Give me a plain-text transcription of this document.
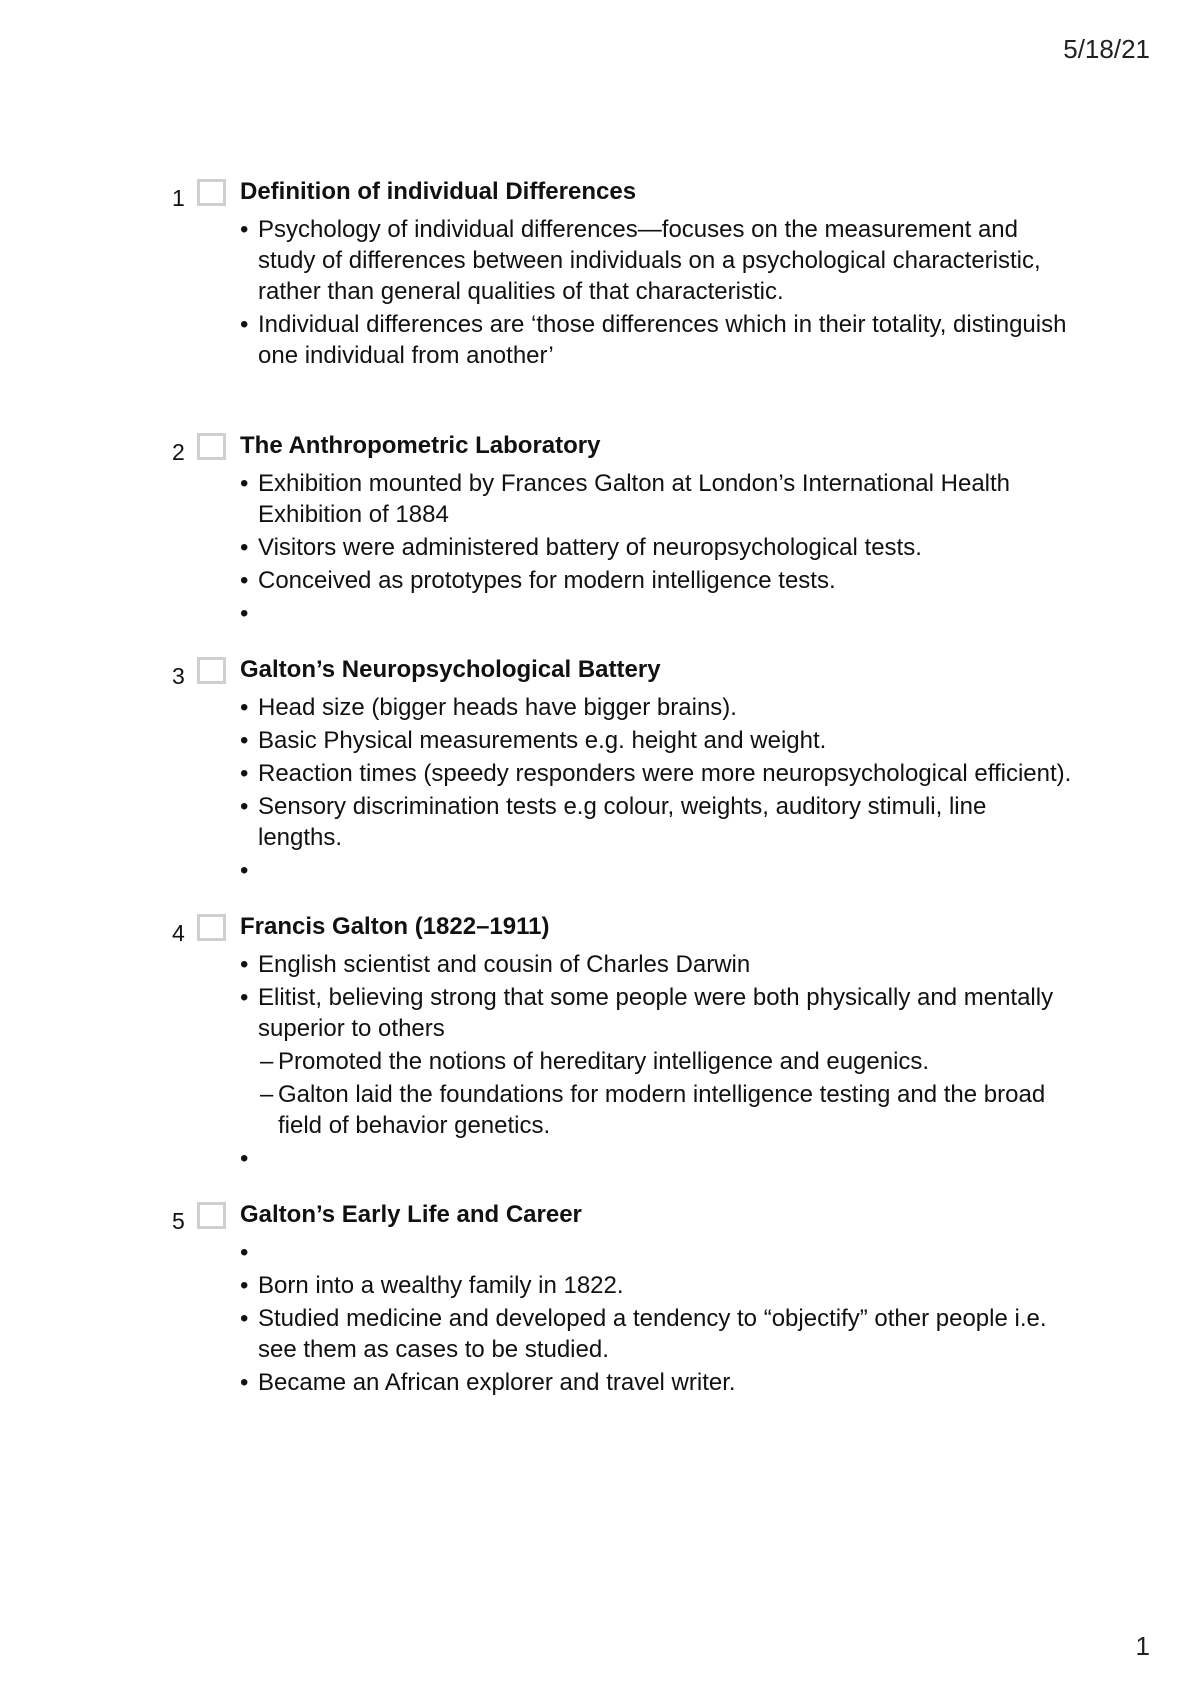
5/18/21
1 Definition of individual Differences
• Psychology of individual differences—focuses on the measurement and study of differences between individuals on a psychological characteristic, rather than general qualities of that characteristic.
• Individual differences are ‘those differences which in their totality, distinguish one individual from another’
2 The Anthropometric Laboratory
• Exhibition mounted by Frances Galton at London’s International Health Exhibition of 1884
• Visitors were administered battery of neuropsychological tests.
• Conceived as prototypes for modern intelligence tests.
•
3 Galton’s Neuropsychological Battery
• Head size (bigger heads have bigger brains).
• Basic Physical measurements e.g. height and weight.
• Reaction times (speedy responders were more neuropsychological efficient).
• Sensory discrimination tests e.g colour, weights, auditory stimuli, line lengths.
•
4 Francis Galton (1822–1911)
• English scientist and cousin of Charles Darwin
• Elitist, believing strong that some people were both physically and mentally superior to others
– Promoted the notions of hereditary intelligence and eugenics.
– Galton laid the foundations for modern intelligence testing and the broad field of behavior genetics.
•
5 Galton’s Early Life and Career
•
• Born into a wealthy family in 1822.
• Studied medicine and developed a tendency to “objectify” other people i.e. see them as cases to be studied.
• Became an African explorer and travel writer.
1
